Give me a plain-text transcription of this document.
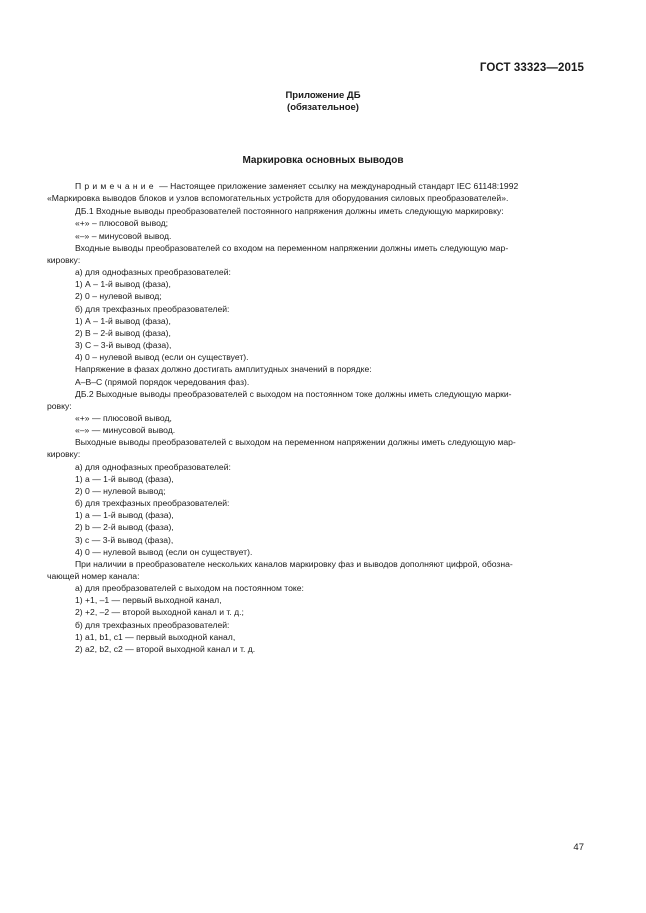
ГОСТ 33323—2015
Приложение ДБ
(обязательное)
Маркировка основных выводов

Примечание — Настоящее приложение заменяет ссылку на международный стандарт IEC 61148:1992

«Маркировка выводов блоков и узлов вспомогательных устройств для оборудования силовых преобразователей».

ДБ.1 Входные выводы преобразователей постоянного напряжения должны иметь следующую маркировку:

«+» – плюсовой вывод;

«–» – минусовой вывод.

Входные выводы преобразователей со входом на переменном напряжении должны иметь следующую мар-

кировку:

а) для однофазных преобразователей:

1) А – 1-й вывод (фаза),

2) 0 – нулевой вывод;

б) для трехфазных преобразователей:

1) А – 1-й вывод (фаза),

2) В – 2-й вывод (фаза),

3) С – 3-й вывод (фаза),

4) 0 – нулевой вывод (если он существует).

Напряжение в фазах должно достигать амплитудных значений в порядке:

А–В–С (прямой порядок чередования фаз).

ДБ.2 Выходные выводы преобразователей с выходом на постоянном токе должны иметь следующую марки-

ровку:

«+» — плюсовой вывод,

«–» — минусовой вывод.

Выходные выводы преобразователей с выходом на переменном напряжении должны иметь следующую мар-

кировку:

а) для однофазных преобразователей:

1) а — 1-й вывод (фаза),

2) 0 — нулевой вывод;

б) для трехфазных преобразователей:

1) а — 1-й вывод (фаза),

2) b — 2-й вывод (фаза),

3) с — 3-й вывод (фаза),

4) 0 — нулевой вывод (если он существует).

При наличии в преобразователе нескольких каналов маркировку фаз и выводов дополняют цифрой, обозна-

чающей номер канала:

а) для преобразователей с выходом на постоянном токе:

1) +1, –1 — первый выходной канал,

2) +2, –2 — второй выходной канал и т. д.;

б) для трехфазных преобразователей:

1) а1, b1, с1 — первый выходной канал,

2) а2, b2, с2 — второй выходной канал и т. д.

47
